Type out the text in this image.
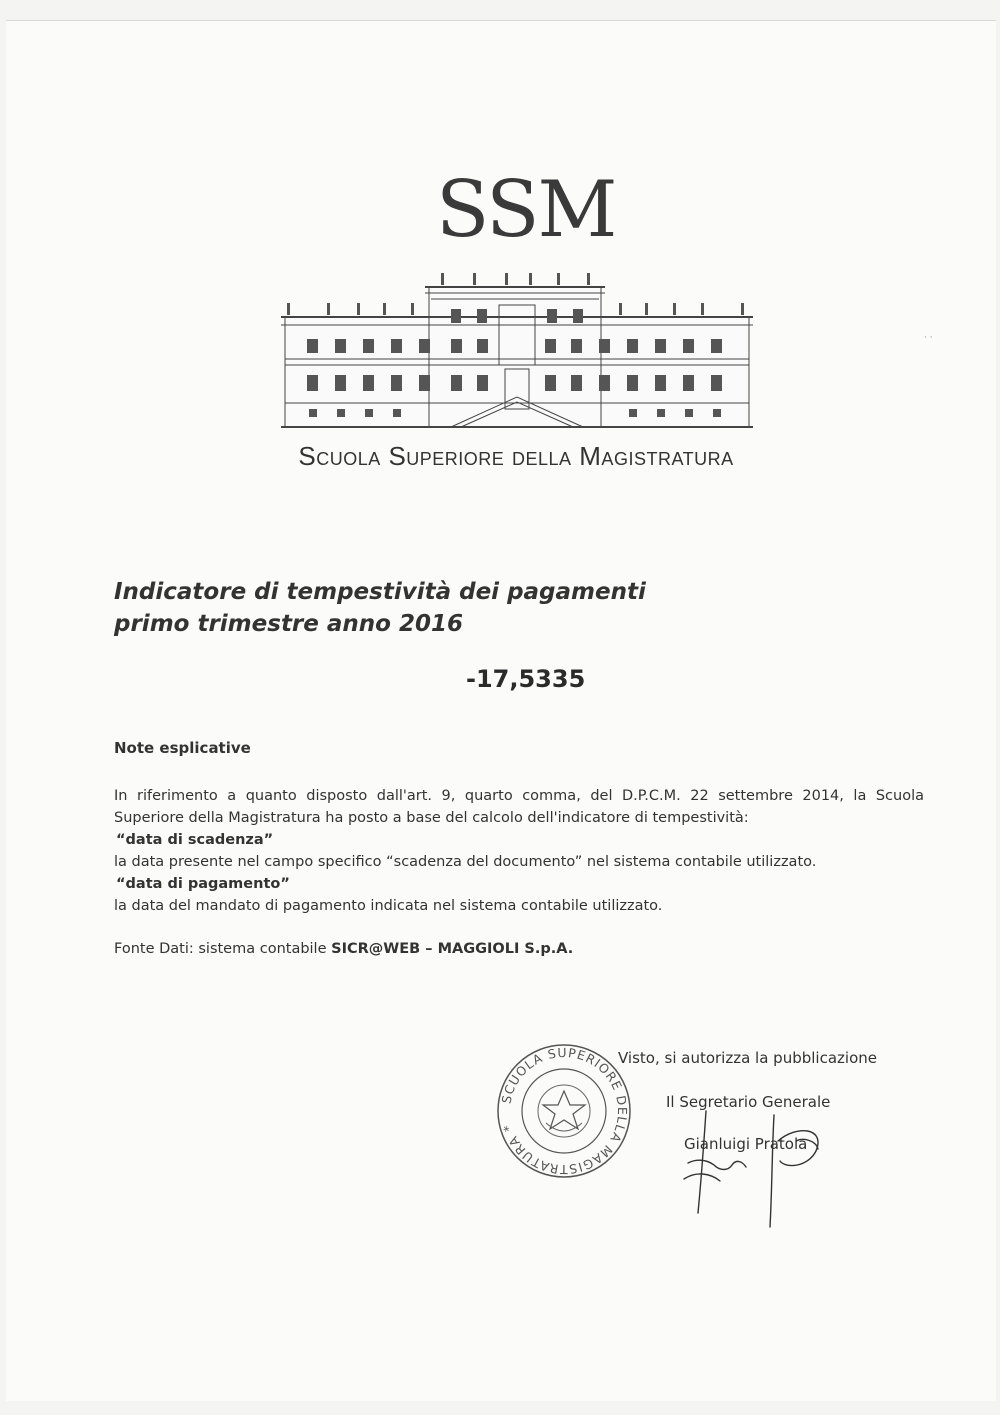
SSM
Scuola Superiore della Magistratura
Indicatore di tempestività dei pagamenti
primo trimestre anno 2016
-17,5335
Note esplicative

In riferimento a quanto disposto dall'art. 9, quarto comma, del D.P.C.M. 22 settembre 2014, la Scuola Superiore della Magistratura ha posto a base del calcolo dell'indicatore di tempestività:

“data di scadenza”

la data presente nel campo specifico “scadenza del documento” nel sistema contabile utilizzato.

“data di pagamento”

la data del mandato di pagamento indicata nel sistema contabile utilizzato.

Fonte Dati: sistema contabile SICR@WEB – MAGGIOLI S.p.A.
SCUOLA SUPERIORE DELLA MAGISTRATURA *
Visto, si autorizza la pubblicazione
Il Segretario Generale
Gianluigi Pratola
· ·
